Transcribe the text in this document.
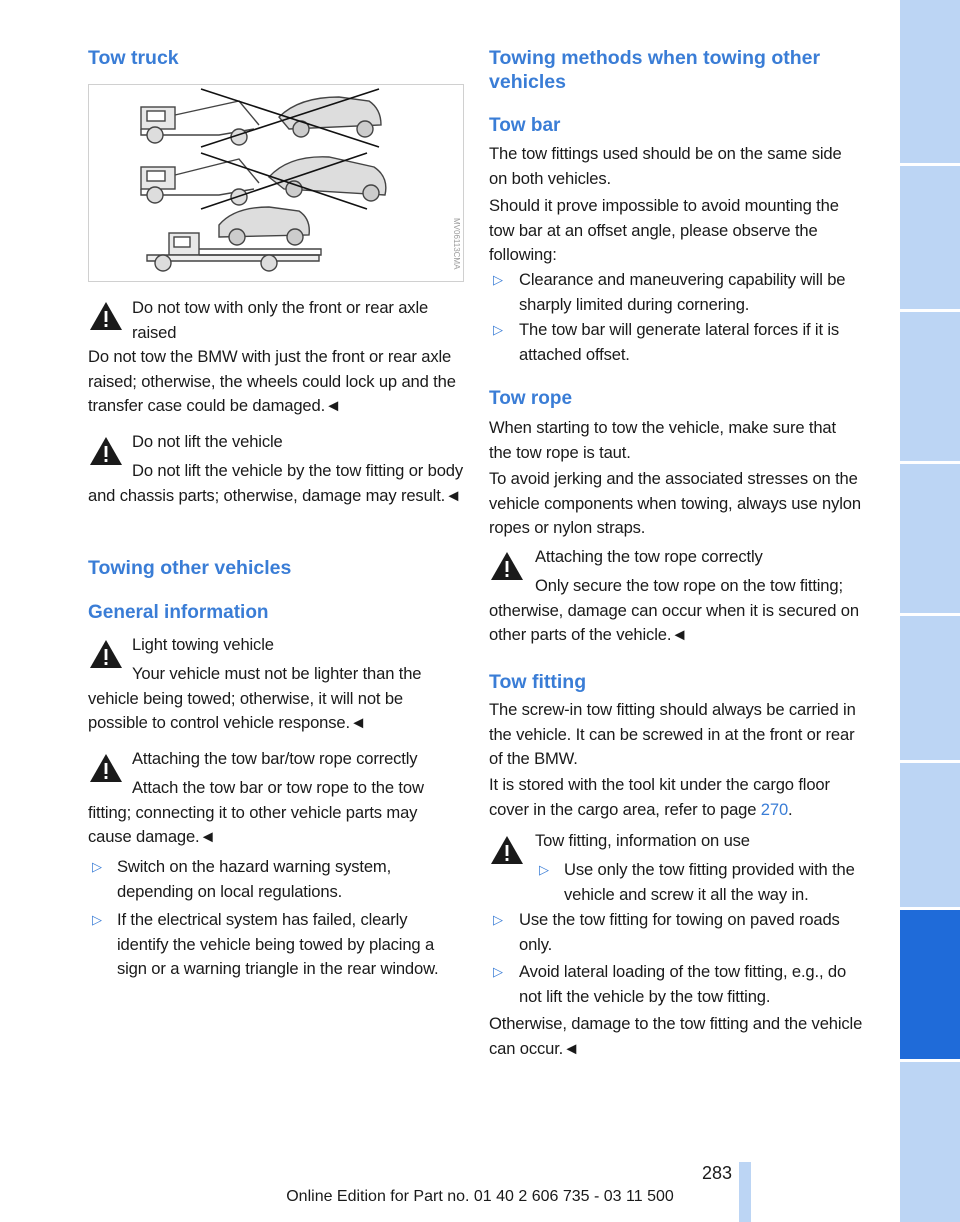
Tow truck
MV06113CMA
Do not tow with only the front or rear axle raised
Do not tow the BMW with just the front or rear axle raised; otherwise, the wheels could lock up and the transfer case could be damaged.◄
Do not lift the vehicle
Do not lift the vehicle by the tow fitting or body and chassis parts; otherwise, damage may result.◄
Towing other vehicles
General information
Light towing vehicle
Your vehicle must not be lighter than the vehicle being towed; otherwise, it will not be possible to control vehicle response.◄
Attaching the tow bar/tow rope correctly
Attach the tow bar or tow rope to the tow fitting; connecting it to other vehicle parts may cause damage.◄
▷ Switch on the hazard warning system, depending on local regulations.
▷ If the electrical system has failed, clearly identify the vehicle being towed by placing a sign or a warning triangle in the rear window.
Towing methods when towing other vehicles
Tow bar
The tow fittings used should be on the same side on both vehicles.
Should it prove impossible to avoid mounting the tow bar at an offset angle, please observe the following:
▷ Clearance and maneuvering capability will be sharply limited during cornering.
▷ The tow bar will generate lateral forces if it is attached offset.
Tow rope
When starting to tow the vehicle, make sure that the tow rope is taut.
To avoid jerking and the associated stresses on the vehicle components when towing, always use nylon ropes or nylon straps.
Attaching the tow rope correctly
Only secure the tow rope on the tow fitting; otherwise, damage can occur when it is secured on other parts of the vehicle.◄
Tow fitting
The screw-in tow fitting should always be carried in the vehicle. It can be screwed in at the front or rear of the BMW.
It is stored with the tool kit under the cargo floor cover in the cargo area, refer to page 270.
Tow fitting, information on use
▷ Use only the tow fitting provided with the vehicle and screw it all the way in.
▷ Use the tow fitting for towing on paved roads only.
▷ Avoid lateral loading of the tow fitting, e.g., do not lift the vehicle by the tow fitting.
Otherwise, damage to the tow fitting and the vehicle can occur.◄
At a glance
Controls
Driving tips
Navigation
Entertainment
Communication
Mobility
Reference
283
Online Edition for Part no. 01 40 2 606 735 - 03 11 500
